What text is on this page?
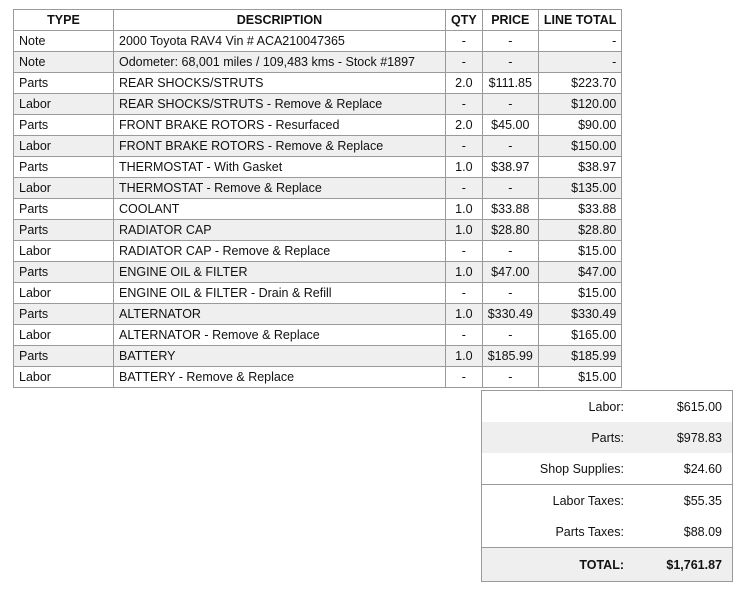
TYPE	DESCRIPTION	QTY	PRICE	LINE TOTAL
Note	2000 Toyota RAV4 Vin # ACA210047365	-	-	-
Note	Odometer: 68,001 miles / 109,483 kms - Stock #1897	-	-	-
Parts	REAR SHOCKS/STRUTS	2.0	$111.85	$223.70
Labor	REAR SHOCKS/STRUTS - Remove & Replace	-	-	$120.00
Parts	FRONT BRAKE ROTORS - Resurfaced	2.0	$45.00	$90.00
Labor	FRONT BRAKE ROTORS - Remove & Replace	-	-	$150.00
Parts	THERMOSTAT - With Gasket	1.0	$38.97	$38.97
Labor	THERMOSTAT - Remove & Replace	-	-	$135.00
Parts	COOLANT	1.0	$33.88	$33.88
Parts	RADIATOR CAP	1.0	$28.80	$28.80
Labor	RADIATOR CAP - Remove & Replace	-	-	$15.00
Parts	ENGINE OIL & FILTER	1.0	$47.00	$47.00
Labor	ENGINE OIL & FILTER - Drain & Refill	-	-	$15.00
Parts	ALTERNATOR	1.0	$330.49	$330.49
Labor	ALTERNATOR - Remove & Replace	-	-	$165.00
Parts	BATTERY	1.0	$185.99	$185.99
Labor	BATTERY - Remove & Replace	-	-	$15.00
Labor:	$615.00
Parts:	$978.83
Shop Supplies:	$24.60
Labor Taxes:	$55.35
Parts Taxes:	$88.09
TOTAL:	$1,761.87
